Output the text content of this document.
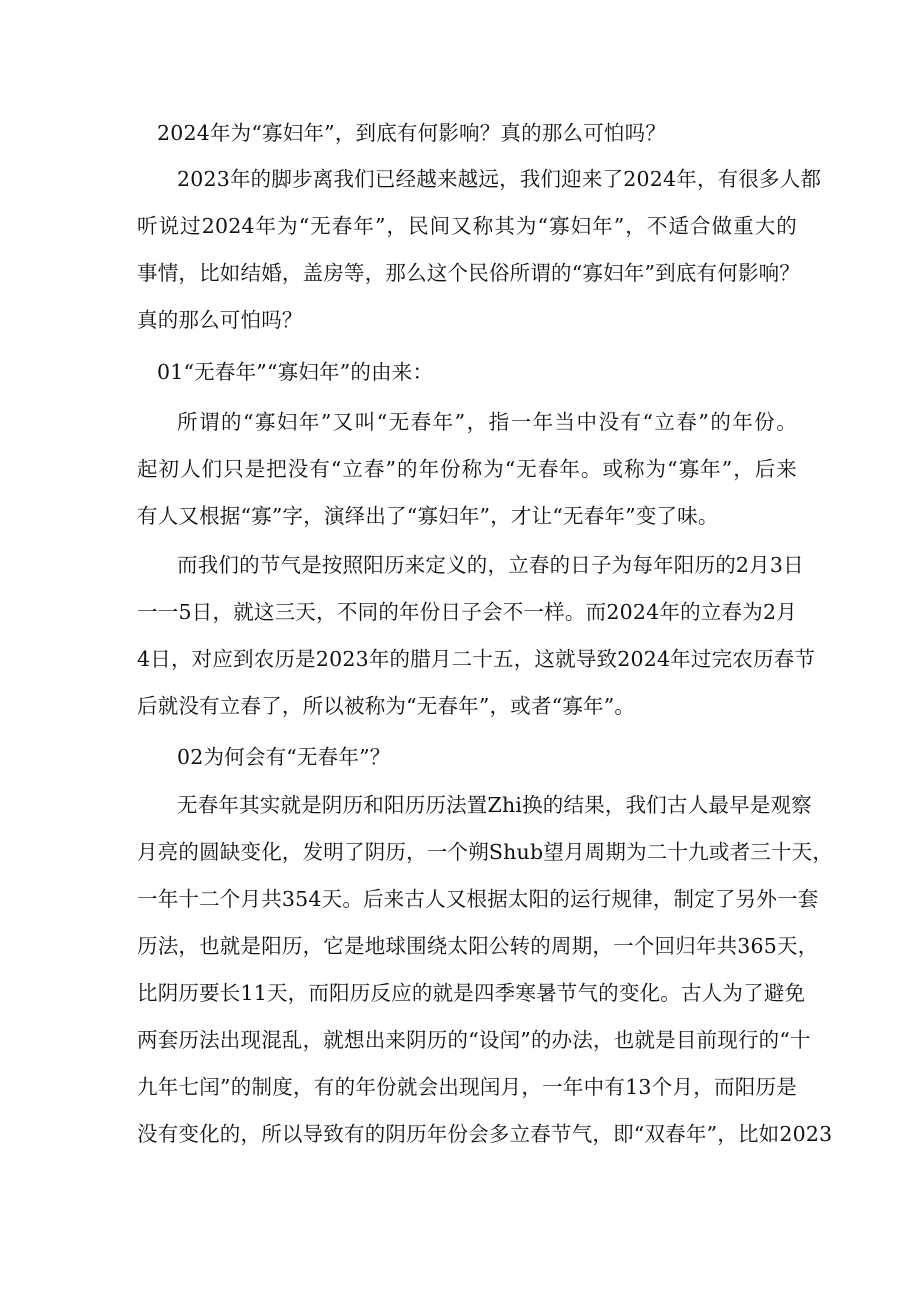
2024年为“寡妇年”，到底有何影响？真的那么可怕吗？
2023年的脚步离我们已经越来越远，我们迎来了2024年，有很多人都
听说过2024年为“无春年”，民间又称其为“寡妇年”，不适合做重大的
事情，比如结婚，盖房等，那么这个民俗所谓的“寡妇年”到底有何影响？
真的那么可怕吗？
01“无春年”“寡妇年”的由来：
所谓的“寡妇年”又叫“无春年”，指一年当中没有“立春”的年份。
起初人们只是把没有“立春”的年份称为“无春年。或称为“寡年”，后来
有人又根据“寡”字，演绎出了“寡妇年”，才让“无春年”变了味。
而我们的节气是按照阳历来定义的，立春的日子为每年阳历的2月3日
一一5日，就这三天，不同的年份日子会不一样。而2024年的立春为2月
4日，对应到农历是2023年的腊月二十五，这就导致2024年过完农历春节
后就没有立春了，所以被称为“无春年”，或者“寡年”。
02为何会有“无春年”？
无春年其实就是阴历和阳历历法置Zhi换的结果，我们古人最早是观察
月亮的圆缺变化，发明了阴历，一个朔Shub望月周期为二十九或者三十天，
一年十二个月共354天。后来古人又根据太阳的运行规律，制定了另外一套
历法，也就是阳历，它是地球围绕太阳公转的周期，一个回归年共365天，
比阴历要长11天，而阳历反应的就是四季寒暑节气的变化。古人为了避免
两套历法出现混乱，就想出来阴历的“设闰”的办法，也就是目前现行的“十
九年七闰”的制度，有的年份就会出现闰月，一年中有13个月，而阳历是
没有变化的，所以导致有的阴历年份会多立春节气，即“双春年”，比如2023
